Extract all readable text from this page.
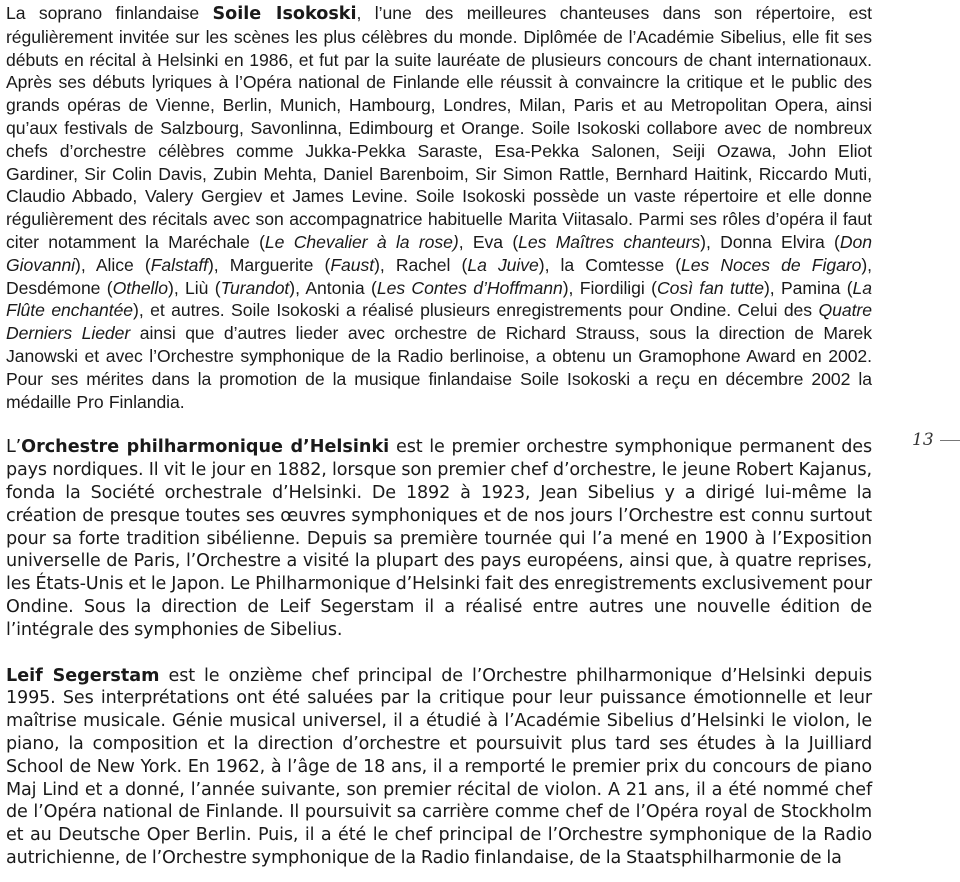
La soprano finlandaise Soile Isokoski, l’une des meilleures chanteuses dans son répertoire, est régulièrement invitée sur les scènes les plus célèbres du monde. Diplômée de l’Académie Sibelius, elle fit ses débuts en récital à Helsinki en 1986, et fut par la suite lauréate de plusieurs concours de chant internationaux. Après ses débuts lyriques à l’Opéra national de Finlande elle réussit à convaincre la critique et le public des grands opéras de Vienne, Berlin, Munich, Hambourg, Londres, Milan, Paris et au Metropolitan Opera, ainsi qu’aux festivals de Salzbourg, Savonlinna, Edimbourg et Orange. Soile Isokoski collabore avec de nombreux chefs d’orchestre célèbres comme Jukka-Pekka Saraste, Esa-Pekka Salonen, Seiji Ozawa, John Eliot Gardiner, Sir Colin Davis, Zubin Mehta, Daniel Barenboim, Sir Simon Rattle, Bernhard Haitink, Riccardo Muti, Claudio Abbado, Valery Gergiev et James Levine. Soile Isokoski possède un vaste répertoire et elle donne régulièrement des récitals avec son accompagnatrice habituelle Marita Viitasalo. Parmi ses rôles d’opéra il faut citer notamment la Maréchale (Le Chevalier à la rose), Eva (Les Maîtres chanteurs), Donna Elvira (Don Giovanni), Alice (Falstaff), Marguerite (Faust), Rachel (La Juive), la Comtesse (Les Noces de Figaro), Desdémone (Othello), Liù (Turandot), Antonia (Les Contes d’Hoffmann), Fiordiligi (Così fan tutte), Pamina (La Flûte enchantée), et autres. Soile Isokoski a réalisé plusieurs enregistrements pour Ondine. Celui des Quatre Derniers Lieder ainsi que d’autres lieder avec orchestre de Richard Strauss, sous la direction de Marek Janowski et avec l’Orchestre symphonique de la Radio berlinoise, a obtenu un Gramophone Award en 2002. Pour ses mérites dans la promotion de la musique finlandaise Soile Isokoski a reçu en décembre 2002 la médaille Pro Finlandia.

L’Orchestre philharmonique d’Helsinki est le premier orchestre symphonique permanent des pays nordiques. Il vit le jour en 1882, lorsque son premier chef d’orchestre, le jeune Robert Kajanus, fonda la Société orchestrale d’Helsinki. De 1892 à 1923, Jean Sibelius y a dirigé lui-même la création de presque toutes ses œuvres symphoniques et de nos jours l’Orchestre est connu surtout pour sa forte tradition sibélienne. Depuis sa première tournée qui l’a mené en 1900 à l’Exposition universelle de Paris, l’Orchestre a visité la plupart des pays européens, ainsi que, à quatre reprises, les États-Unis et le Japon. Le Philharmonique d’Helsinki fait des enregistrements exclusivement pour Ondine. Sous la direction de Leif Segerstam il a réalisé entre autres une nouvelle édition de l’intégrale des symphonies de Sibelius.

Leif Segerstam est le onzième chef principal de l’Orchestre philharmonique d’Helsinki depuis 1995. Ses interprétations ont été saluées par la critique pour leur puissance émotionnelle et leur maîtrise musicale. Génie musical universel, il a étudié à l’Académie Sibelius d’Helsinki le violon, le piano, la composition et la direction d’orchestre et poursuivit plus tard ses études à la Juilliard School de New York. En 1962, à l’âge de 18 ans, il a remporté le premier prix du concours de piano Maj Lind et a donné, l’année suivante, son premier récital de violon. A 21 ans, il a été nommé chef de l’Opéra national de Finlande. Il poursuivit sa carrière comme chef de l’Opéra royal de Stockholm et au Deutsche Oper Berlin. Puis, il a été le chef principal de l’Orchestre symphonique de la Radio autrichienne, de l’Orchestre symphonique de la Radio finlandaise, de la Staatsphilharmonie de la

13
